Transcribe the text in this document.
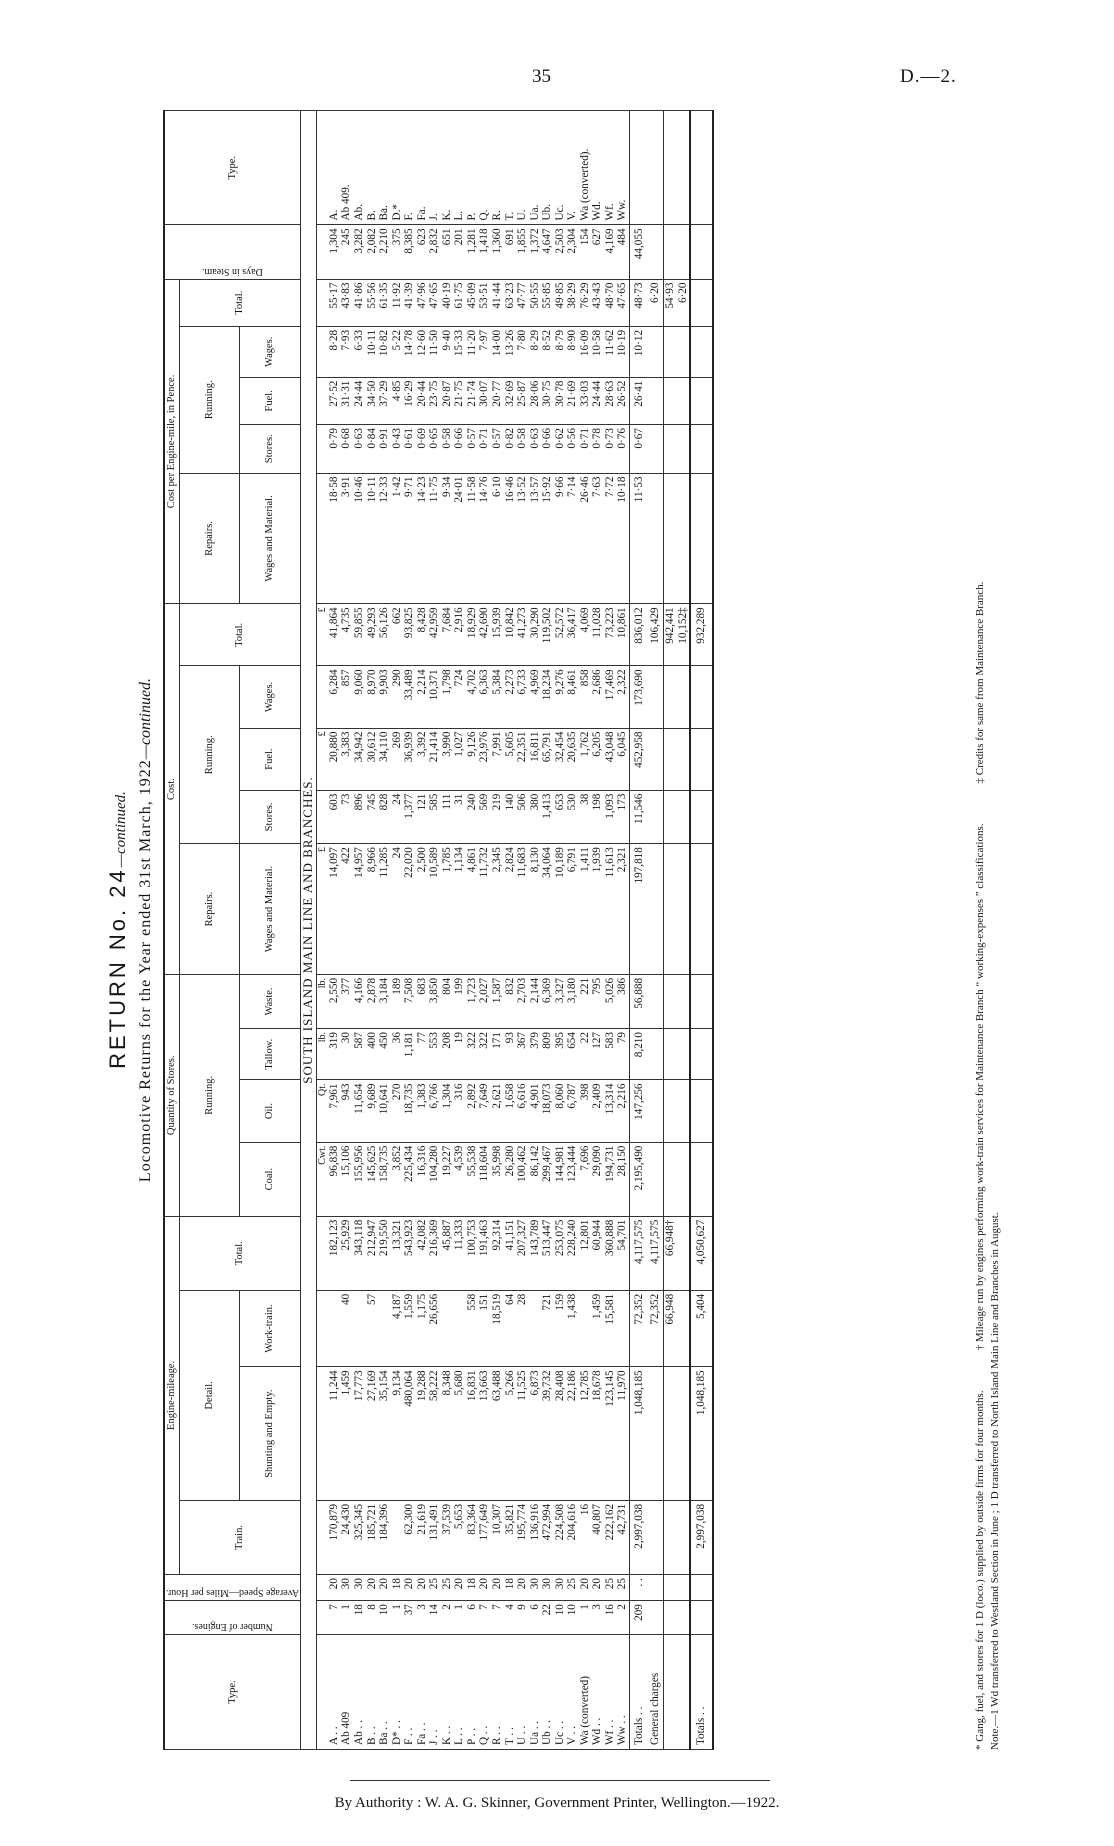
35	D.—2.
RETURN No. 24—continued. Locomotive Returns for the Year ended 31st March, 1922—continued.
Type.	Number of Engines.	Average Speed—Miles per Hour.	Engine-mileage.				Quantity of Stores.				Cost.					Cost per Engine-mile, in Pence.					Days in Steam.	Type.
			Train.	Detail.		Total.	Running.				Repairs.	Running.			Total.	Repairs.	Running.			Total.		
				Shunting and Empty.	Work-train.		Coal.	Oil.	Tallow.	Waste.	Wages and Material.	Stores.	Fuel.	Wages.		Wages and Material.	Stores.	Fuel.	Wages.			

SOUTH ISLAND MAIN LINE AND BRANCHES.																						
							Cwt.	Qt.	lb.	lb.	£		£		£							
A . .	7	20	170,879	11,244		182,123	96,838	7,961	319	2,550	14,097	603	20,880	6,284	41,864	18·58	0·79	27·52	8·28	55·17	1,304	A.
Ab 409	1	30	24,430	1,459	40	25,929	15,106	943	30	377	422	73	3,383	857	4,735	3·91	0·68	31·31	7·93	43·83	245	Ab 409.
Ab . .	18	30	325,345	17,773		343,118	155,956	11,654	587	4,166	14,957	896	34,942	9,060	59,855	10·46	0·63	24·44	6·33	41·86	3,282	Ab.
B . .	8	20	185,721	27,169	57	212,947	145,625	9,689	400	2,878	8,966	745	30,612	8,970	49,293	10·11	0·84	34·50	10·11	55·56	2,082	B.
Ba . .	10	20	184,396	35,154		219,550	158,735	10,641	450	3,184	11,285	828	34,110	9,903	56,126	12·33	0·91	37·29	10·82	61·35	2,210	Ba.
D* . .	1	18		9,134	4,187	13,321	3,852	270	36	189	24	24	269	290	662	1·42	0·43	4·85	5·22	11·92	375	D.*
F . .	37	20	62,300	480,064	1,559	543,923	225,434	18,735	1,181	7,508	22,020	1,377	36,939	33,489	93,825	9·71	0·61	16·29	14·78	41·39	8,385	F.
Fa . .	3	20	21,619	19,288	1,175	42,082	16,316	1,383	77	683	2,500	121	3,392	2,214	8,428	14·23	0·69	20·44	12·60	47·96	623	Fa.
J . .	14	25	131,491	58,222	26,656	216,369	104,280	6,766	553	3,850	10,589	585	21,414	10,371	42,959	11·75	0·65	23·75	11·50	47·65	2,832	J.
K . .	2	25	37,539	8,348		45,887	19,227	1,304	208	804	1,785	111	3,990	1,798	7,684	9·34	0·58	20·87	9·40	40·19	651	K.
L . .	1	20	5,653	5,680		11,333	4,539	316	19	199	1,134	31	1,027	724	2,916	24·01	0·66	21·75	15·33	61·75	201	L.
P . .	6	18	83,364	16,831	558	100,753	55,538	2,892	322	1,723	4,861	240	9,126	4,702	18,929	11·58	0·57	21·74	11·20	45·09	1,281	P.
Q . .	7	20	177,649	13,663	151	191,463	118,604	7,649	322	2,027	11,732	569	23,976	6,363	42,690	14·76	0·71	30·07	7·97	53·51	1,418	Q.
R . .	7	20	10,307	63,488	18,519	92,314	35,998	2,621	171	1,587	2,345	219	7,991	5,384	15,939	6·10	0·57	20·77	14·00	41·44	1,360	R.
T . .	4	18	35,821	5,266	64	41,151	26,280	1,658	93	832	2,824	140	5,605	2,273	10,842	16·46	0·82	32·69	13·26	63·23	691	T.
U . .	9	20	195,774	11,525	28	207,327	100,462	6,616	367	2,703	11,683	506	22,351	6,733	41,273	13·52	0·58	25·87	7·80	47·77	1,855	U.
Ua . .	6	30	136,916	6,873		143,789	86,142	4,901	379	2,144	8,130	380	16,811	4,969	30,290	13·57	0·63	28·06	8·29	50·55	1,372	Ua.
Ub . .	22	30	472,994	39,732	721	513,447	299,467	18,073	809	6,369	34,064	1,413	65,791	18,234	119,502	15·92	0·66	30·75	8·52	55·85	4,647	Ub.
Uc . .	10	30	224,508	28,408	159	253,075	144,981	8,060	395	3,327	10,189	653	32,454	9,276	52,572	9·66	0·62	30·78	8·79	49·85	2,503	Uc.
V . .	10	25	204,616	22,186	1,438	228,240	123,444	6,787	654	3,180	6,791	530	20,635	8,461	36,417	7·14	0·56	21·69	8·90	38·29	2,304	V.
Wa (converted)	1	20	16	12,785		12,801	7,696	398	22	221	1,411	38	1,762	858	4,069	26·46	0·71	33·03	16·09	76·29	154	Wa (converted).
Wd . .	3	20	40,807	18,678	1,459	60,944	29,090	2,409	127	795	1,939	198	6,205	2,686	11,028	7·63	0·78	24·44	10·58	43·43	627	Wd.
Wf . .	16	25	222,162	123,145	15,581	360,888	194,731	13,314	583	5,026	11,613	1,093	43,048	17,469	73,223	7·72	0·73	28·63	11·62	48·70	4,169	Wf.
Ww . .	2	25	42,731	11,970		54,701	28,150	2,216	79	386	2,321	173	6,045	2,322	10,861	10·18	0·76	26·52	10·19	47·65	484	Ww.
Totals . .	209	. .	2,997,038	1,048,185	72,352	4,117,575	2,195,490	147,256	8,210	56,888	197,818	11,546	452,958	173,690	836,012	11·53	0·67	26·41	10·12	48·73	44,055	
General charges					72,352	4,117,575									106,429					6·20		
					66,948	66,948†									942,441					54·93		
															10,152‡					6·20		
Totals . .			2,997,038	1,048,185	5,404	4,050,627									932,289							
* Gang, fuel, and stores for 1 D (loco.) supplied by outside firms for four months.
† Mileage run by engines performing work-train services for Maintenance Branch “ working-expenses ” classifications.
‡ Credits for same from Maintenance Branch.
Note.—1 Wd transferred to Westland Section in June ; 1 D transferred to North Island Main Line and Branches in August.
By Authority : W. A. G. Skinner, Government Printer, Wellington.—1922.
